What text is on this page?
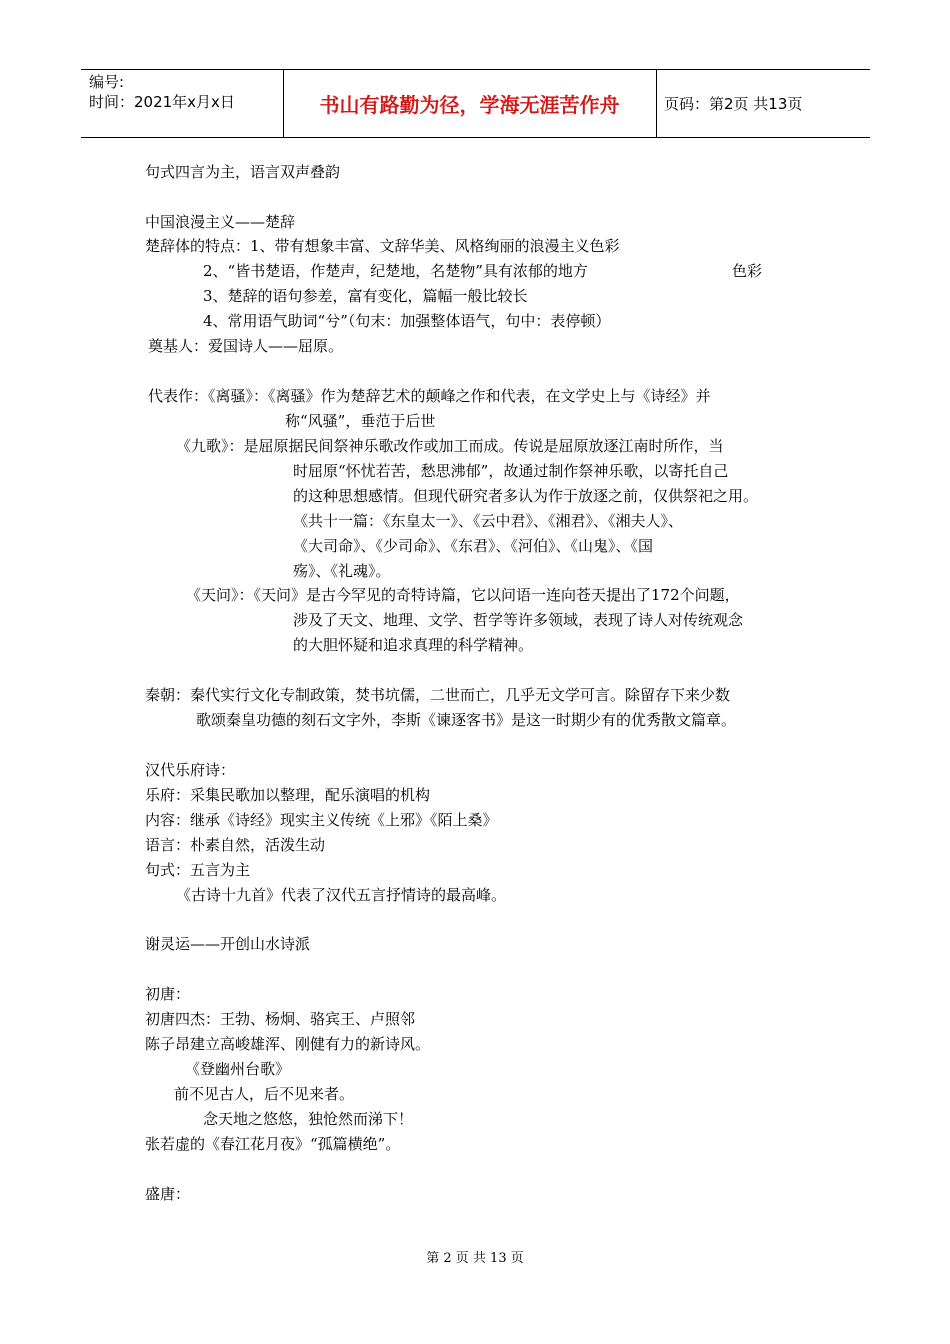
编号:
时间：2021年x月x日	书山有路勤为径，学海无涯苦作舟	页码：第2页 共13页
句式四言为主，语言双声叠韵
中国浪漫主义——楚辞
楚辞体的特点：1、带有想象丰富、文辞华美、风格绚丽的浪漫主义色彩
2、“皆书楚语，作楚声，纪楚地，名楚物”具有浓郁的地方	色彩
3、楚辞的语句参差，富有变化，篇幅一般比较长
4、常用语气助词“兮”（句末：加强整体语气，句中：表停顿）
奠基人：爱国诗人——屈原。
代表作：《离骚》：《离骚》作为楚辞艺术的颠峰之作和代表，在文学史上与《诗经》并
称“风骚”，垂范于后世
《九歌》：是屈原据民间祭神乐歌改作或加工而成。传说是屈原放逐江南时所作，当
时屈原“怀忧若苦，愁思沸郁”，故通过制作祭神乐歌，以寄托自己
的这种思想感情。但现代研究者多认为作于放逐之前，仅供祭祀之用。
《共十一篇：《东皇太一》、《云中君》、《湘君》、《湘夫人》、
《大司命》、《少司命》、《东君》、《河伯》、《山鬼》、《国
殇》、《礼魂》。
《天问》：《天问》是古今罕见的奇特诗篇，它以问语一连向苍天提出了172个问题，
涉及了天文、地理、文学、哲学等许多领域，表现了诗人对传统观念
的大胆怀疑和追求真理的科学精神。
秦朝：秦代实行文化专制政策，焚书坑儒，二世而亡，几乎无文学可言。除留存下来少数
歌颂秦皇功德的刻石文字外，李斯《谏逐客书》是这一时期少有的优秀散文篇章。
汉代乐府诗：
乐府：采集民歌加以整理，配乐演唱的机构
内容：继承《诗经》现实主义传统《上邪》《陌上桑》
语言：朴素自然，活泼生动
句式：五言为主
《古诗十九首》代表了汉代五言抒情诗的最高峰。
谢灵运——开创山水诗派
初唐：
初唐四杰：王勃、杨炯、骆宾王、卢照邻
陈子昂建立高峻雄浑、刚健有力的新诗风。
《登幽州台歌》
前不见古人，后不见来者。
念天地之悠悠，独怆然而涕下！
张若虚的《春江花月夜》“孤篇横绝”。
盛唐：
第 2 页 共 13 页
